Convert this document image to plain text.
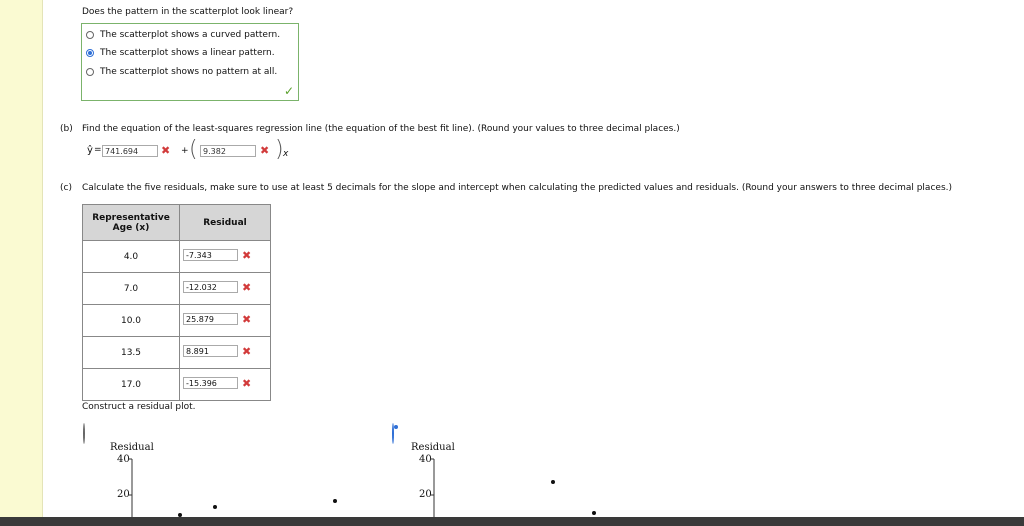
Does the pattern in the scatterplot look linear?
The scatterplot shows a curved pattern.
The scatterplot shows a linear pattern.
The scatterplot shows no pattern at all.
✓
(b) Find the equation of the least-squares regression line (the equation of the best fit line). (Round your values to three decimal places.)
ŷ = 741.694	✖ + ( 9.382	✖ ) x
(c) Calculate the five residuals, make sure to use at least 5 decimals for the slope and intercept when calculating the predicted values and residuals. (Round your answers to three decimal places.)
Representative
Age (x)	Residual
4.0	-7.343 ✖

7.0	-12.032 ✖

10.0	25.879 ✖

13.5	8.891 ✖

17.0	-15.396 ✖
Construct a residual plot.
Residual
40
20
Residual
40
20
